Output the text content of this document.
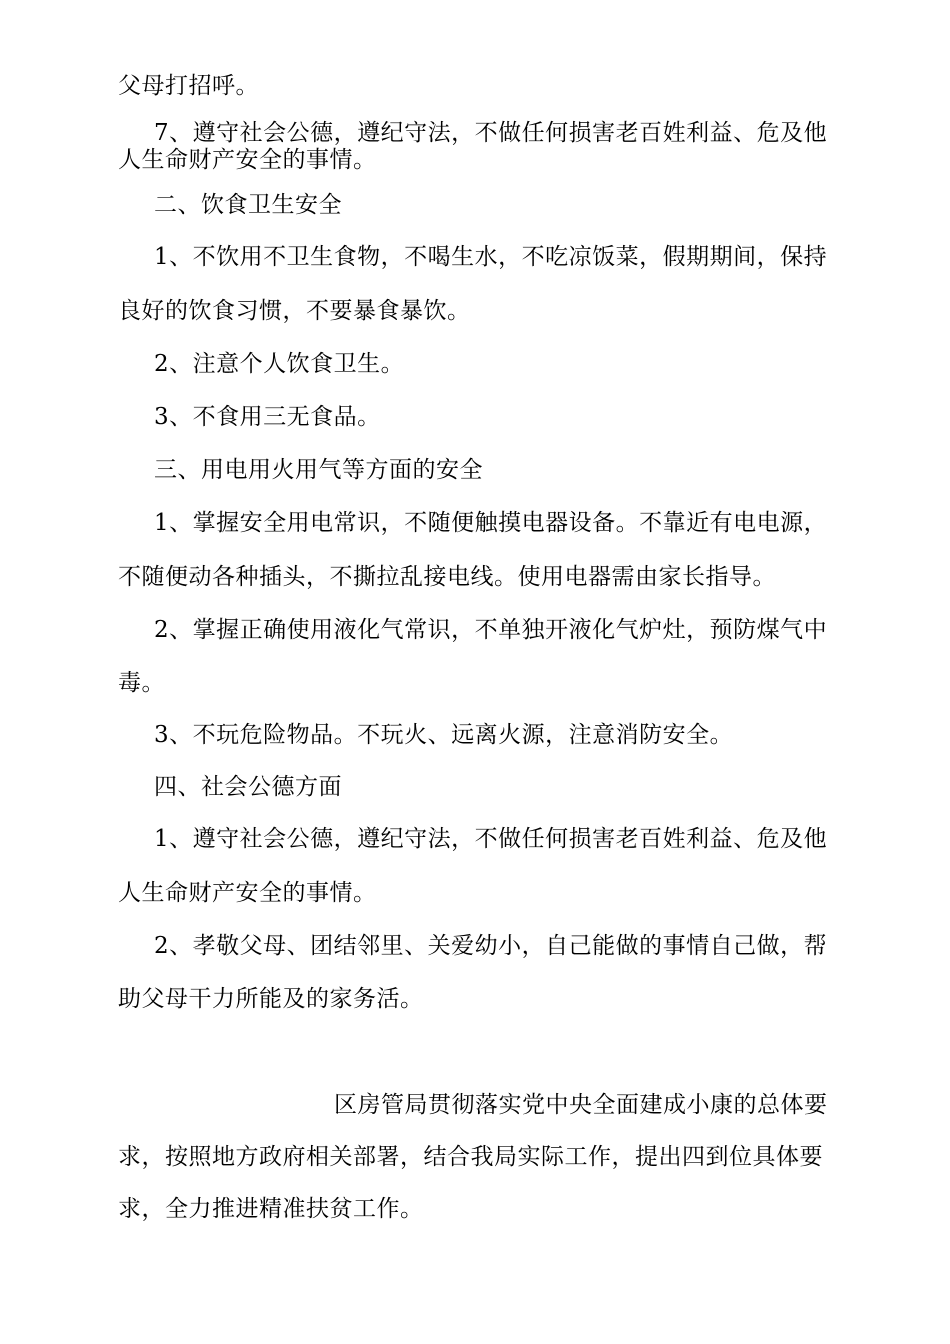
父母打招呼。
7、遵守社会公德，遵纪守法，不做任何损害老百姓利益、危及他
人生命财产安全的事情。
二、饮食卫生安全
1、不饮用不卫生食物，不喝生水，不吃凉饭菜，假期期间，保持
良好的饮食习惯，不要暴食暴饮。
2、注意个人饮食卫生。
3、不食用三无食品。
三、用电用火用气等方面的安全
1、掌握安全用电常识，不随便触摸电器设备。不靠近有电电源，
不随便动各种插头，不撕拉乱接电线。使用电器需由家长指导。
2、掌握正确使用液化气常识，不单独开液化气炉灶，预防煤气中
毒。
3、不玩危险物品。不玩火、远离火源，注意消防安全。
四、社会公德方面
1、遵守社会公德，遵纪守法，不做任何损害老百姓利益、危及他
人生命财产安全的事情。
2、孝敬父母、团结邻里、关爱幼小，自己能做的事情自己做，帮
助父母干力所能及的家务活。
区房管局贯彻落实党中央全面建成小康的总体要
求，按照地方政府相关部署，结合我局实际工作，提出四到位具体要
求，全力推进精准扶贫工作。
